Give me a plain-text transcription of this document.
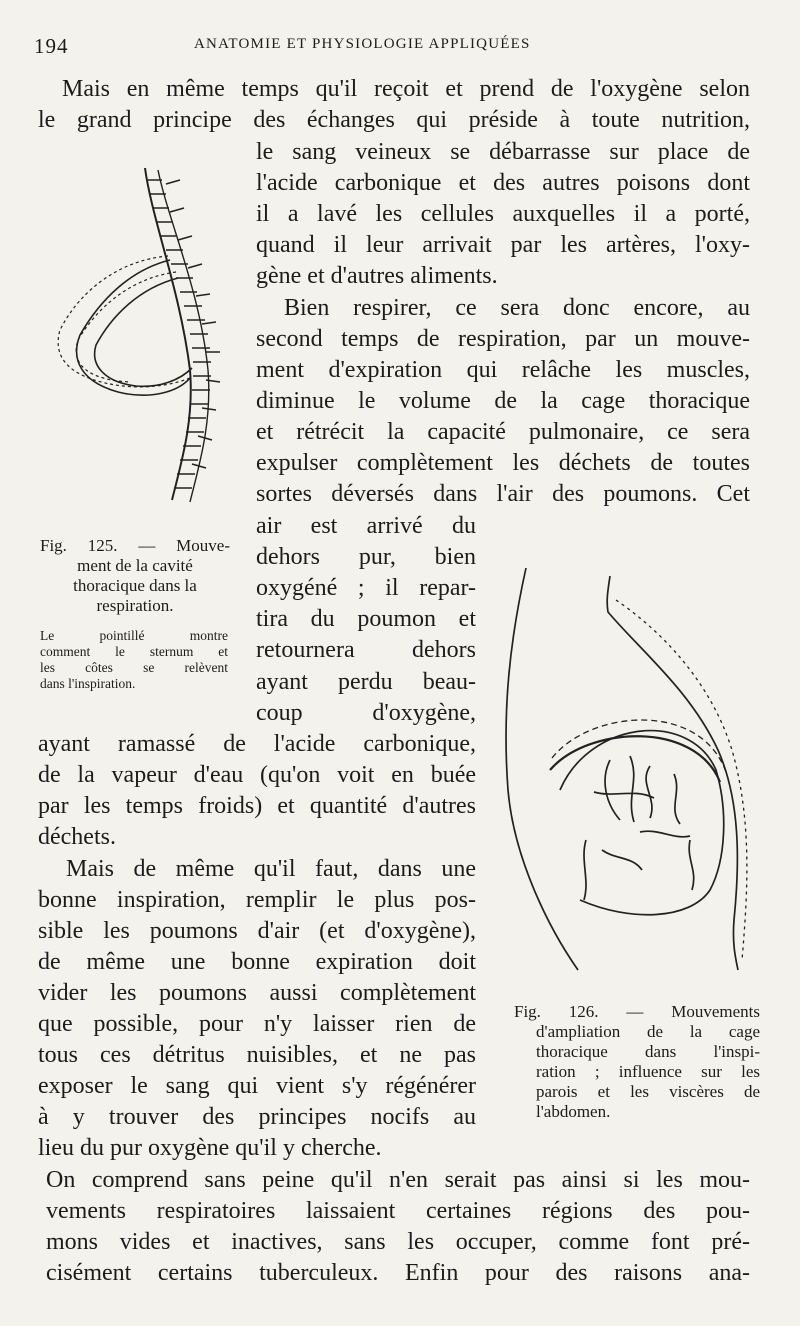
194	ANATOMIE ET PHYSIOLOGIE APPLIQUÉES
Mais en même temps qu'il reçoit et prend de l'oxygène selon
le grand principe des échanges qui préside à toute nutrition,
le sang veineux se débarrasse sur place de
l'acide carbonique et des autres poisons dont
il a lavé les cellules auxquelles il a porté,
quand il leur arrivait par les artères, l'oxy-
gène et d'autres aliments.
Bien respirer, ce sera donc encore, au
second temps de respiration, par un mouve-
ment d'expiration qui relâche les muscles,
diminue le volume de la cage thoracique
et rétrécit la capacité pulmonaire, ce sera
expulser complètement les déchets de toutes
sortes déversés dans l'air des poumons. Cet
air est arrivé du
dehors pur, bien
oxygéné ; il repar-
tira du poumon et
retournera dehors
ayant perdu beau-
coup d'oxygène,
ayant ramassé de l'acide carbonique,
de la vapeur d'eau (qu'on voit en buée
par les temps froids) et quantité d'autres
déchets.
Mais de même qu'il faut, dans une
bonne inspiration, remplir le plus pos-
sible les poumons d'air (et d'oxygène),
de même une bonne expiration doit
vider les poumons aussi complètement
que possible, pour n'y laisser rien de
tous ces détritus nuisibles, et ne pas
exposer le sang qui vient s'y régénérer
à y trouver des principes nocifs au
lieu du pur oxygène qu'il y cherche.
On comprend sans peine qu'il n'en serait pas ainsi si les mou-
vements respiratoires laissaient certaines régions des pou-
mons vides et inactives, sans les occuper, comme font pré-
cisément certains tuberculeux. Enfin pour des raisons ana-
Fig. 125. — Mouve-
ment de la cavité
thoracique dans la
respiration.
Le pointillé montre
comment le sternum et
les côtes se relèvent
dans l'inspiration.
Fig. 126. — Mouvements
d'ampliation de la cage
thoracique dans l'inspi-
ration ; influence sur les
parois et les viscères de
l'abdomen.
